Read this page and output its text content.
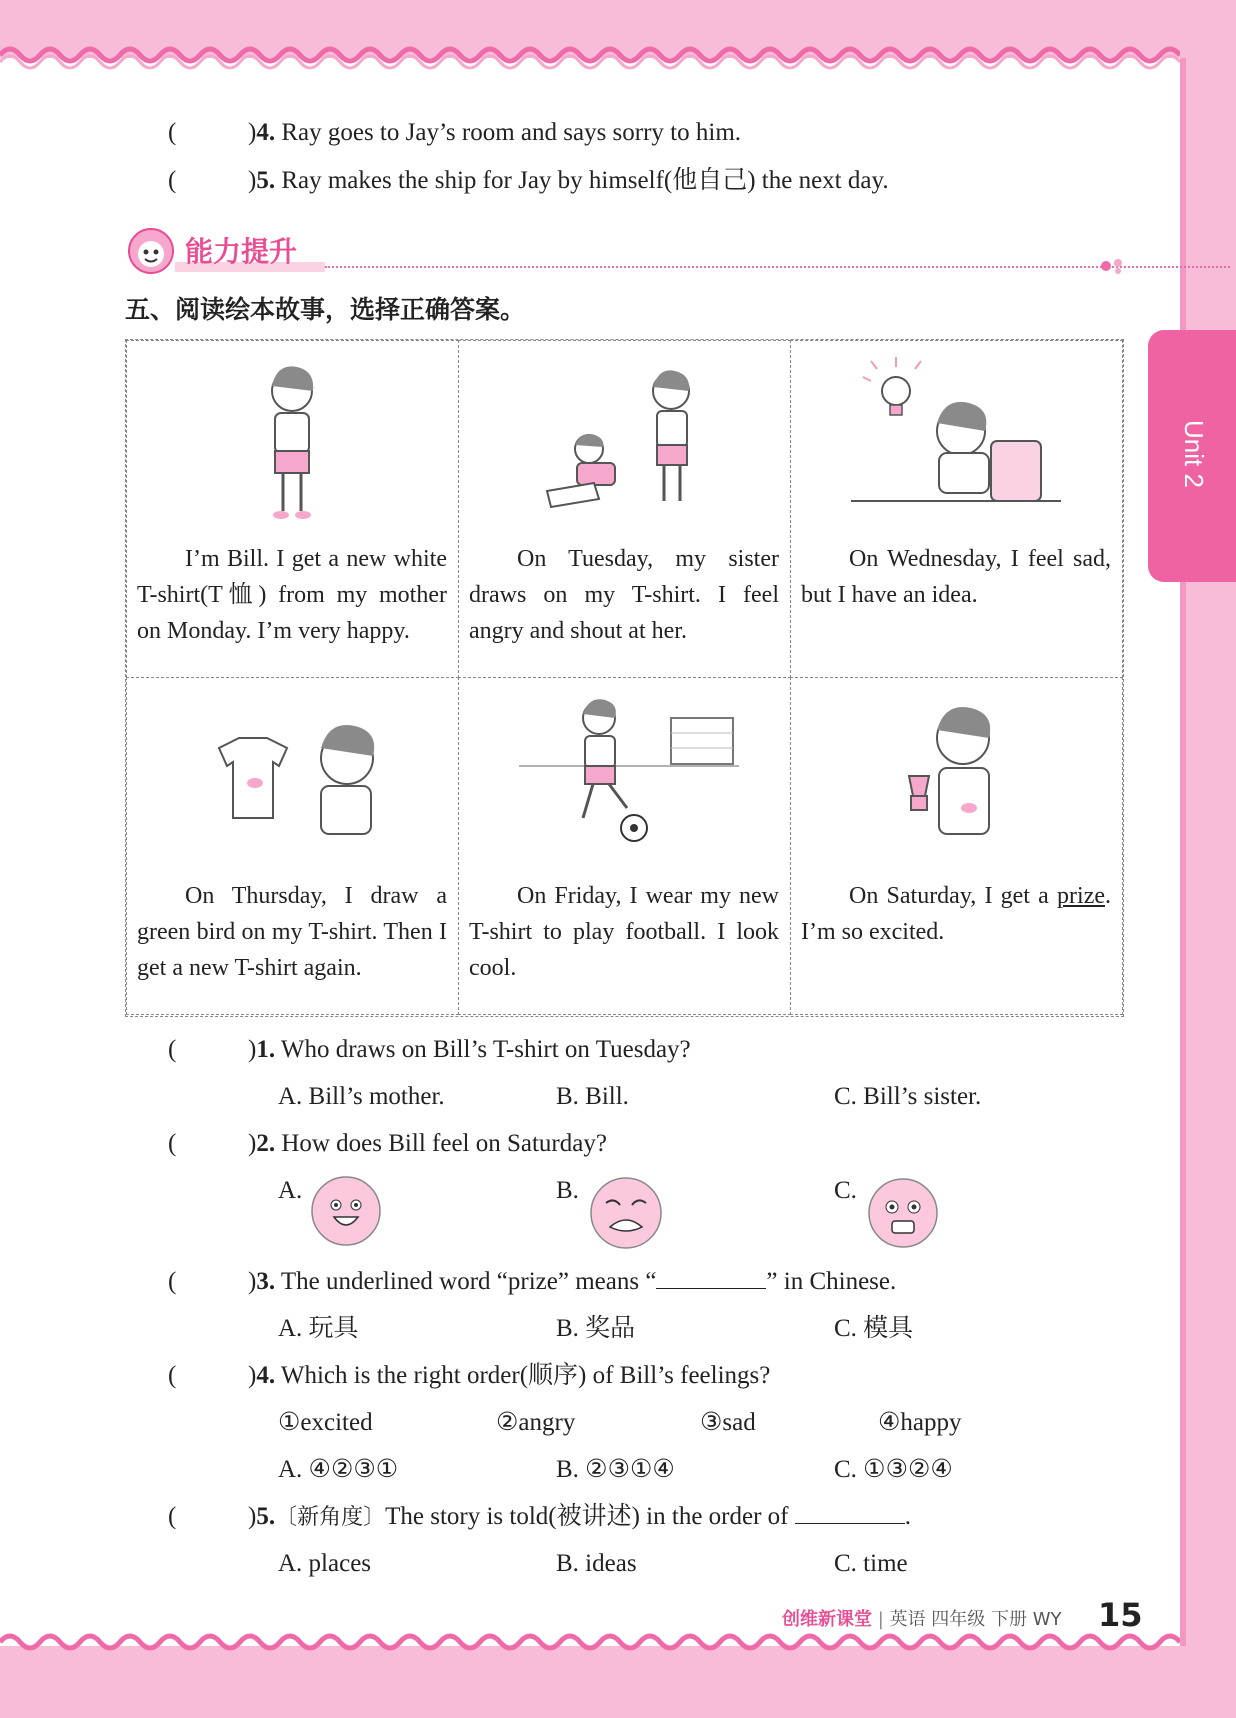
Unit 2
(	)4. Ray goes to Jay’s room and says sorry to him.
(	)5. Ray makes the ship for Jay by himself(他自己) the next day.
能力提升
五、阅读绘本故事，选择正确答案。
I’m Bill. I get a new white T-shirt(T恤) from my mother on Monday. I’m very happy.
On Tuesday, my sister draws on my T-shirt. I feel angry and shout at her.
On Wednesday, I feel sad, but I have an idea.
On Thursday, I draw a green bird on my T-shirt. Then I get a new T-shirt again.
On Friday, I wear my new T-shirt to play football. I look cool.
On Saturday, I get a prize. I’m so excited.
(	)1. Who draws on Bill’s T-shirt on Tuesday?
A. Bill’s mother.	B. Bill.	C. Bill’s sister.
(	)2. How does Bill feel on Saturday?
A.	B.	C.
(	)3. The underlined word “prize” means “	” in Chinese.
A. 玩具	B. 奖品	C. 模具
(	)4. Which is the right order(顺序) of Bill’s feelings?
①excited	②angry	③sad	④happy
A. ④②③①	B. ②③①④	C. ①③②④
(	)5.〔新角度〕The story is told(被讲述) in the order of	.
A. places	B. ideas	C. time
创维新课堂 | 英语 四年级 下册 WY 15
